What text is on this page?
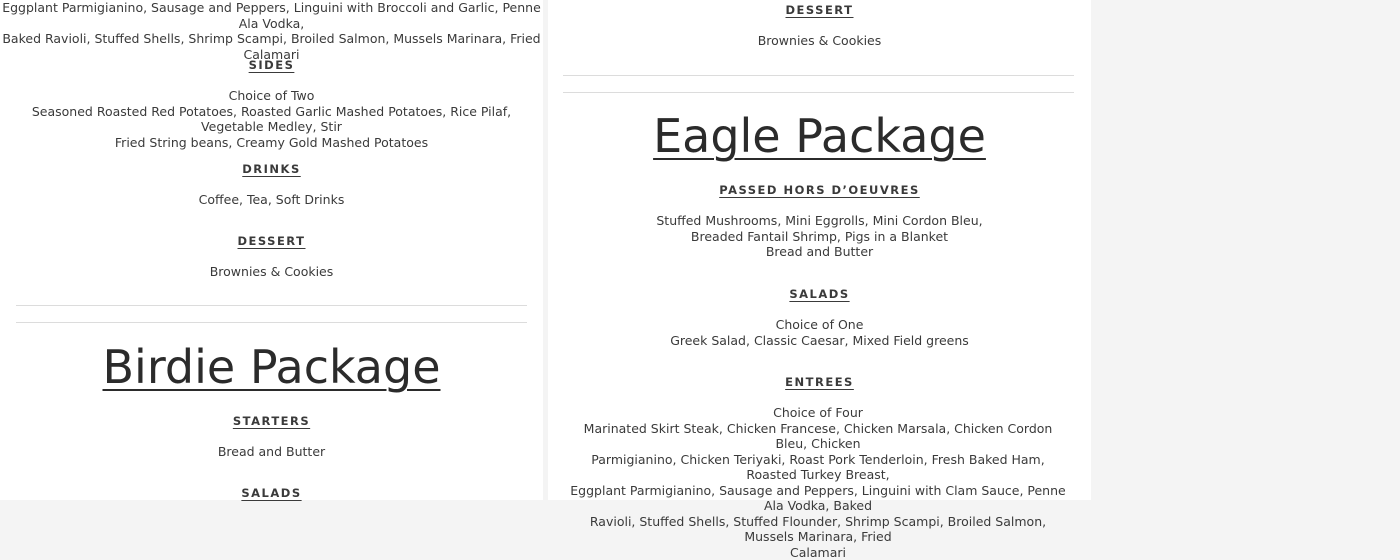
Eggplant Parmigianino, Sausage and Peppers, Linguini with Broccoli and Garlic, Penne Ala Vodka,
Baked Ravioli, Stuffed Shells, Shrimp Scampi, Broiled Salmon, Mussels Marinara, Fried Calamari
SIDES
Choice of Two
Seasoned Roasted Red Potatoes, Roasted Garlic Mashed Potatoes, Rice Pilaf, Vegetable Medley, Stir
Fried String beans, Creamy Gold Mashed Potatoes
DRINKS
Coffee, Tea, Soft Drinks
DESSERT
Brownies & Cookies
Birdie Package
STARTERS
Bread and Butter
SALADS
DESSERT
Brownies & Cookies
Eagle Package
PASSED HORS D’OEUVRES
Stuffed Mushrooms, Mini Eggrolls, Mini Cordon Bleu,
Breaded Fantail Shrimp, Pigs in a Blanket
Bread and Butter
SALADS
Choice of One
Greek Salad, Classic Caesar, Mixed Field greens
ENTREES
Choice of Four
Marinated Skirt Steak, Chicken Francese, Chicken Marsala, Chicken Cordon Bleu, Chicken
Parmigianino, Chicken Teriyaki, Roast Pork Tenderloin, Fresh Baked Ham, Roasted Turkey Breast,
Eggplant Parmigianino, Sausage and Peppers, Linguini with Clam Sauce, Penne Ala Vodka, Baked
Ravioli, Stuffed Shells, Stuffed Flounder, Shrimp Scampi, Broiled Salmon, Mussels Marinara, Fried
Calamari
